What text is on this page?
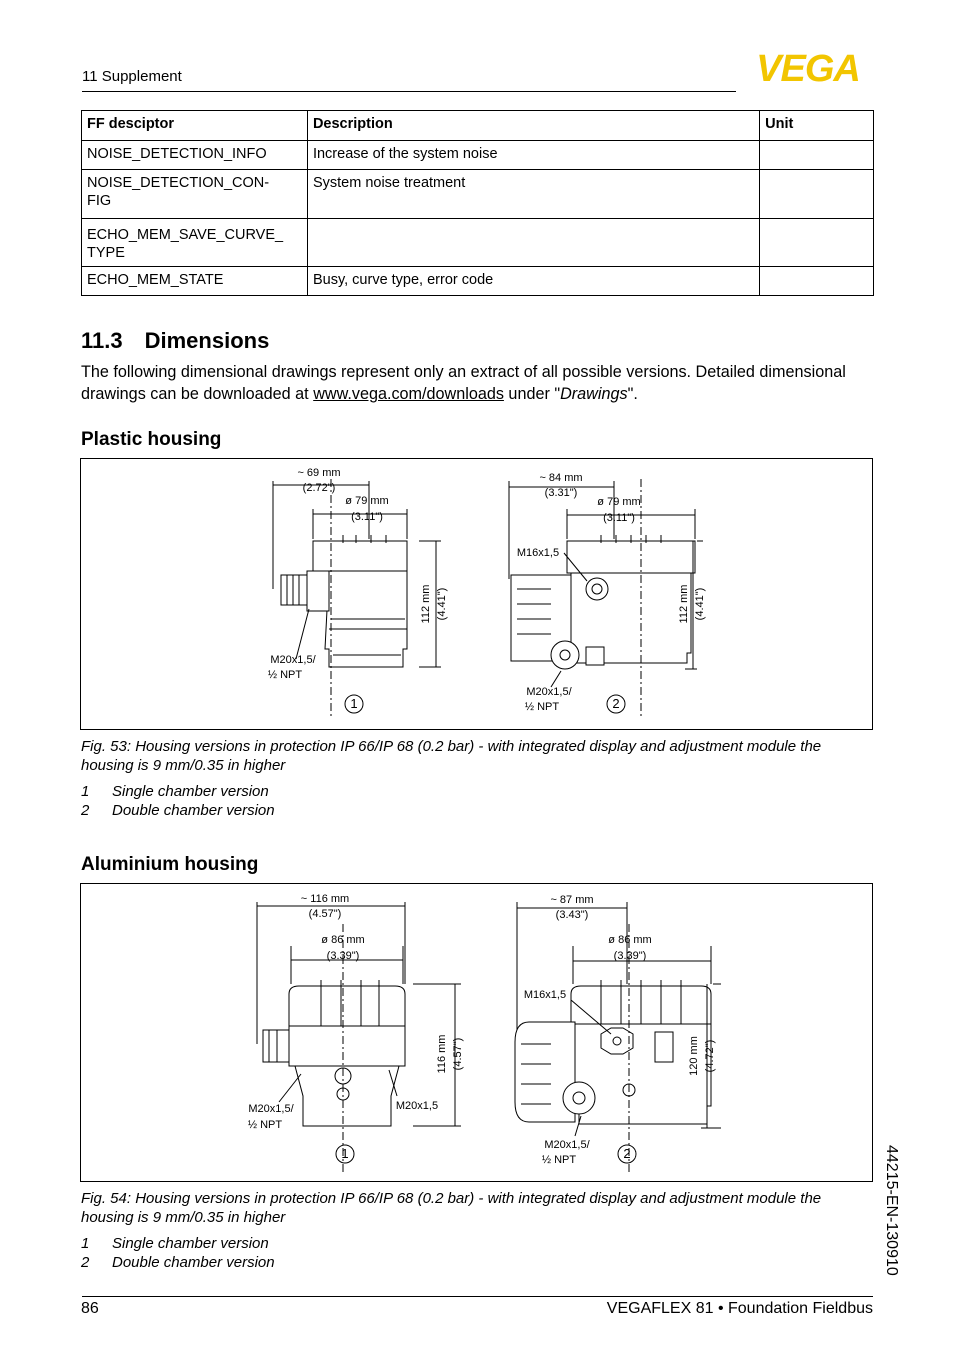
11 Supplement	VEGA
FF desciptor	Description	Unit
NOISE_DETECTION_INFO	Increase of the system noise	
NOISE_DETECTION_CON-
FIG	System noise treatment	
ECHO_MEM_SAVE_CURVE_
TYPE		
ECHO_MEM_STATE	Busy, curve type, error code	
11.3 Dimensions
The following dimensional drawings represent only an extract of all possible versions. Detailed dimensional drawings can be downloaded at www.vega.com/downloads under "Drawings".
Plastic housing
~ 69 mm
(2.72")
ø 79 mm
(3.11")
112 mm (4.41")
M20x1,5/
½ NPT
1
~ 84 mm
(3.31")
ø 79 mm
(3.11")
M16x1,5
112 mm (4.41")
M20x1,5/
½ NPT	2
Fig. 53: Housing versions in protection IP 66/IP 68 (0.2 bar) - with integrated display and adjustment module the housing is 9 mm/0.35 in higher
1 Single chamber version
2 Double chamber version
Aluminium housing
~ 116 mm
(4.57")
ø 86 mm
(3.39")
116 mm (4.57")
M20x1,5/
½ NPT
M20x1,5
1
~ 87 mm
(3.43")
ø 86 mm
(3.39")
M16x1,5
120 mm (4.72")
M20x1,5/
½ NPT	2
Fig. 54: Housing versions in protection IP 66/IP 68 (0.2 bar) - with integrated display and adjustment module the housing is 9 mm/0.35 in higher
1 Single chamber version
2 Double chamber version	44215-EN-130910
86	VEGAFLEX 81 • Foundation Fieldbus
